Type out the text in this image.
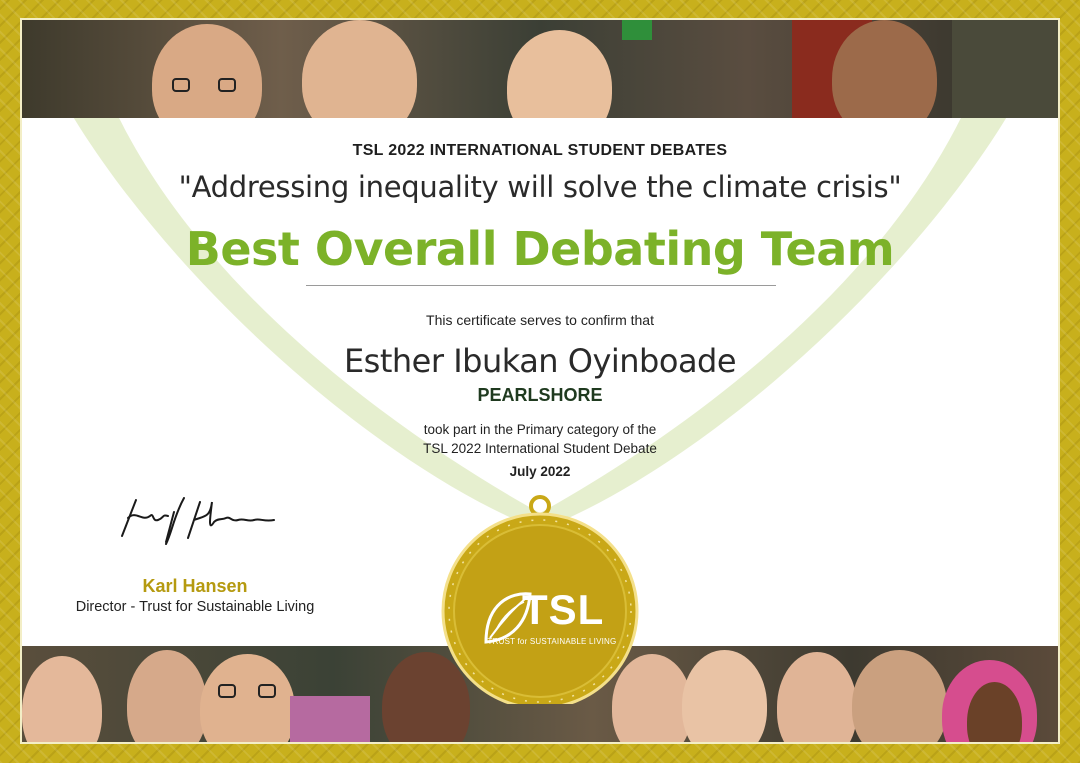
TSL 2022 INTERNATIONAL STUDENT DEBATES
"Addressing inequality will solve the climate crisis"
Best Overall Debating Team
This certificate serves to confirm that
Esther Ibukan Oyinboade
PEARLSHORE
took part in the Primary category of the
TSL 2022 International Student Debate
July 2022
Karl Hansen
Director - Trust for Sustainable Living	TSL
TRUST for SUSTAINABLE LIVING
